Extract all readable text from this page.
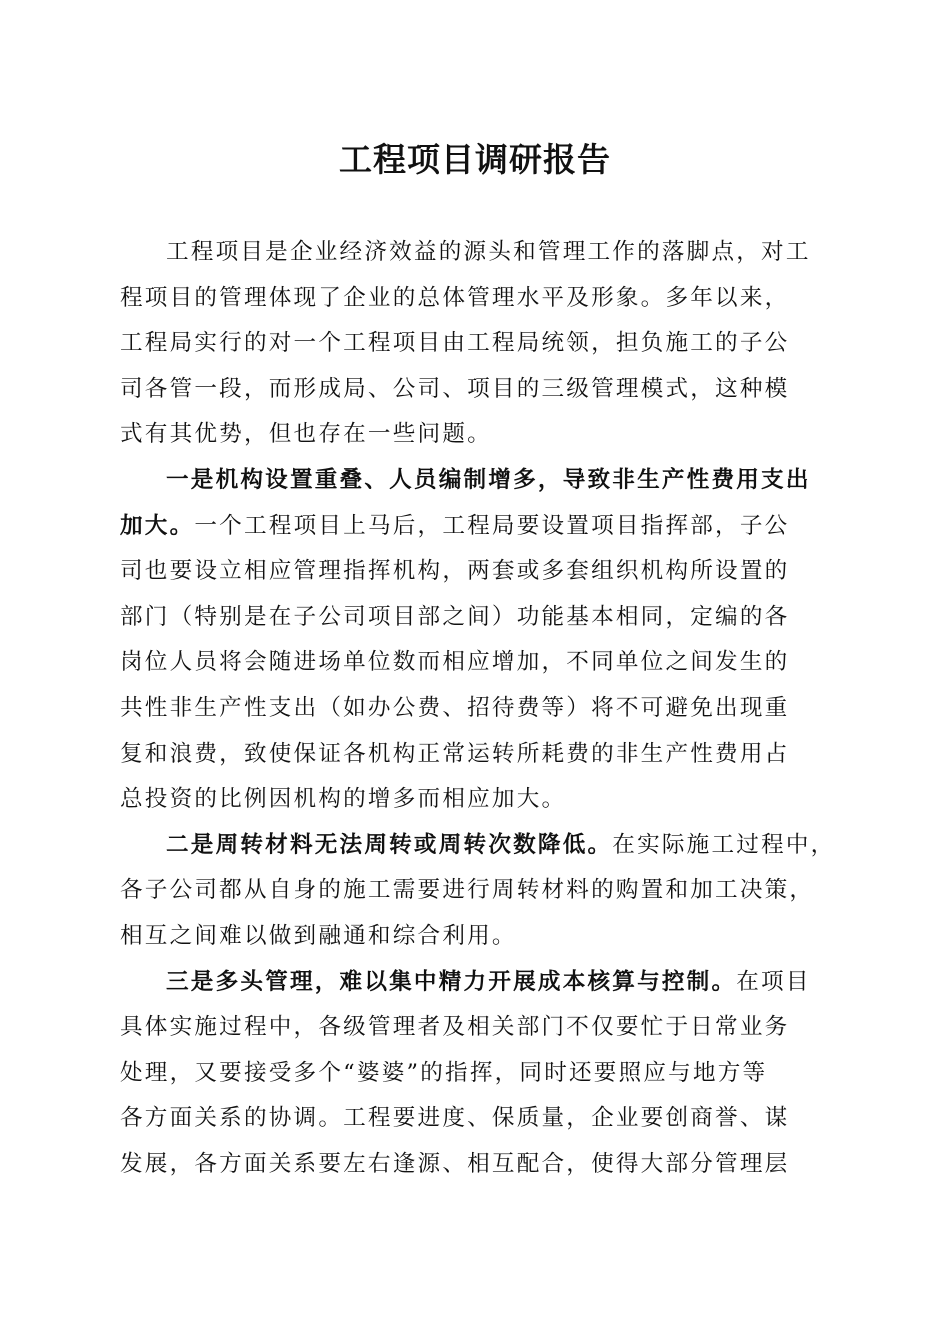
工程项目调研报告
工程项目是企业经济效益的源头和管理工作的落脚点，对工
程项目的管理体现了企业的总体管理水平及形象。多年以来，
工程局实行的对一个工程项目由工程局统领，担负施工的子公
司各管一段，而形成局、公司、项目的三级管理模式，这种模
式有其优势，但也存在一些问题。
一是机构设置重叠、人员编制增多，导致非生产性费用支出
加大。一个工程项目上马后，工程局要设置项目指挥部，子公
司也要设立相应管理指挥机构，两套或多套组织机构所设置的
部门（特别是在子公司项目部之间）功能基本相同，定编的各
岗位人员将会随进场单位数而相应增加，不同单位之间发生的
共性非生产性支出（如办公费、招待费等）将不可避免出现重
复和浪费，致使保证各机构正常运转所耗费的非生产性费用占
总投资的比例因机构的增多而相应加大。
二是周转材料无法周转或周转次数降低。在实际施工过程中，
各子公司都从自身的施工需要进行周转材料的购置和加工决策，
相互之间难以做到融通和综合利用。
三是多头管理，难以集中精力开展成本核算与控制。在项目
具体实施过程中，各级管理者及相关部门不仅要忙于日常业务
处理，又要接受多个“婆婆”的指挥，同时还要照应与地方等
各方面关系的协调。工程要进度、保质量，企业要创商誉、谋
发展，各方面关系要左右逢源、相互配合，使得大部分管理层
